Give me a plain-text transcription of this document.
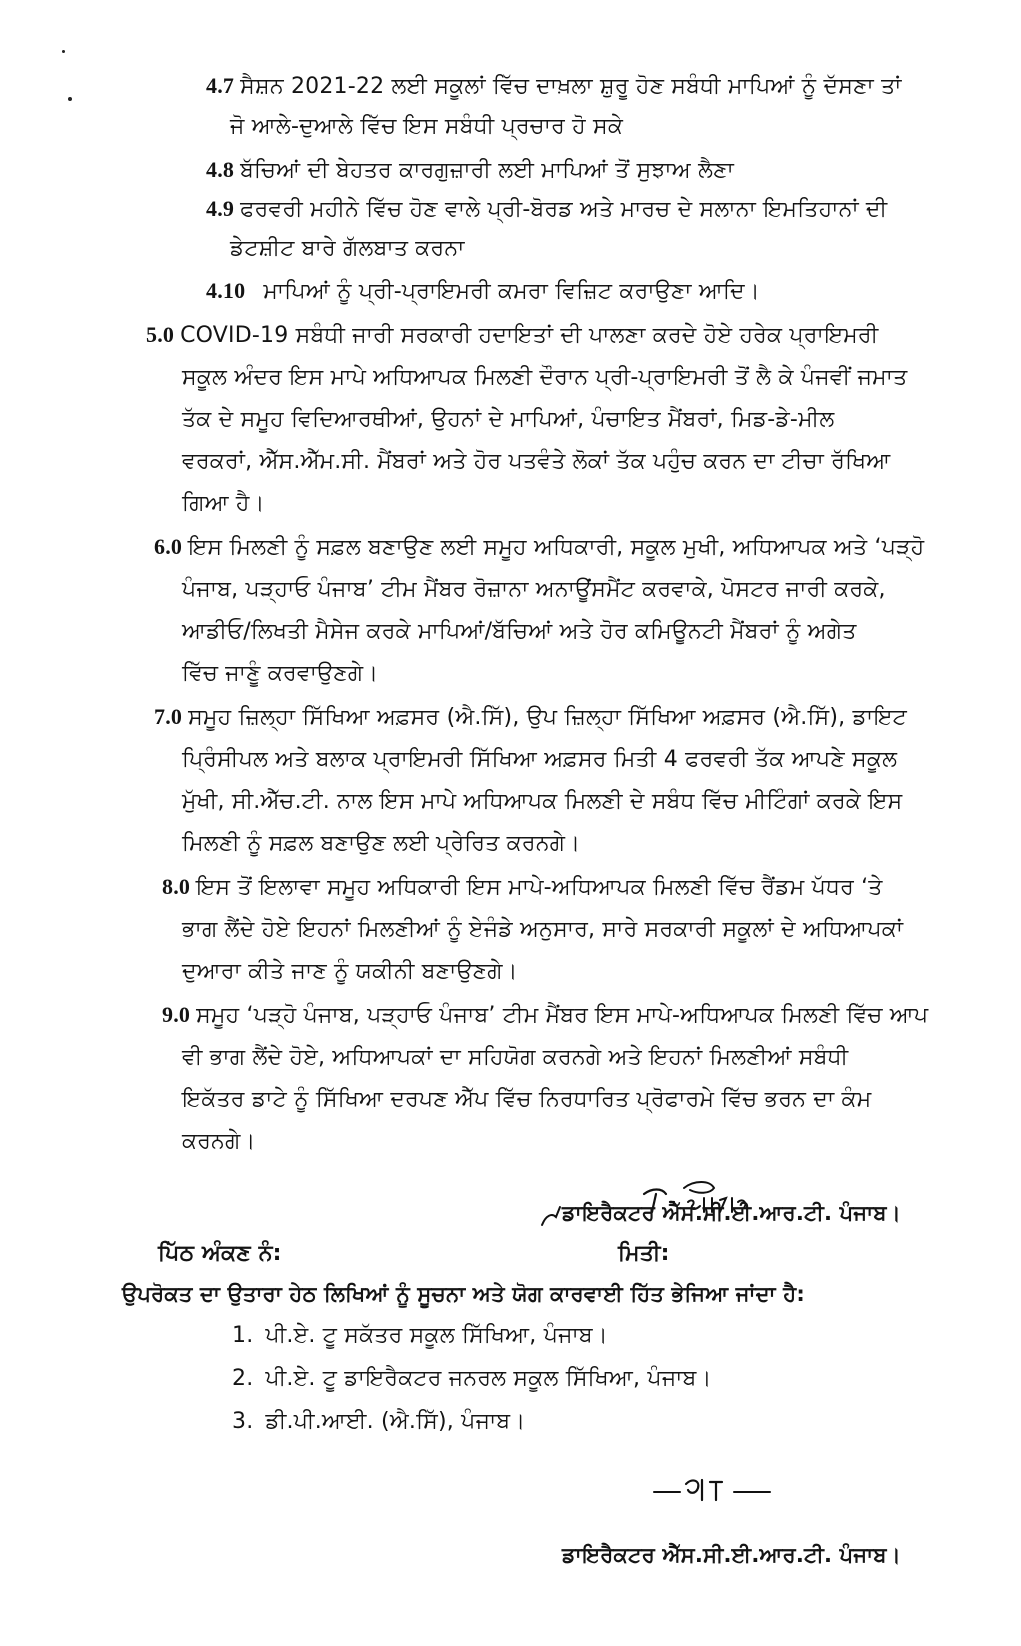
4.7 ਸੈਸ਼ਨ 2021-22 ਲਈ ਸਕੂਲਾਂ ਵਿੱਚ ਦਾਖ਼ਲਾ ਸ਼ੁਰੂ ਹੋਣ ਸਬੰਧੀ ਮਾਪਿਆਂ ਨੂੰ ਦੱਸਣਾ ਤਾਂ
ਜੋ ਆਲੇ-ਦੁਆਲੇ ਵਿੱਚ ਇਸ ਸਬੰਧੀ ਪ੍ਰਚਾਰ ਹੋ ਸਕੇ
4.8 ਬੱਚਿਆਂ ਦੀ ਬੇਹਤਰ ਕਾਰਗੁਜ਼ਾਰੀ ਲਈ ਮਾਪਿਆਂ ਤੋਂ ਸੁਝਾਅ ਲੈਣਾ
4.9 ਫਰਵਰੀ ਮਹੀਨੇ ਵਿੱਚ ਹੋਣ ਵਾਲੇ ਪ੍ਰੀ-ਬੋਰਡ ਅਤੇ ਮਾਰਚ ਦੇ ਸਲਾਨਾ ਇਮਤਿਹਾਨਾਂ ਦੀ
ਡੇਟਸ਼ੀਟ ਬਾਰੇ ਗੱਲਬਾਤ ਕਰਨਾ
4.10 ਮਾਪਿਆਂ ਨੂੰ ਪ੍ਰੀ-ਪ੍ਰਾਇਮਰੀ ਕਮਰਾ ਵਿਜ਼ਿਟ ਕਰਾਉਣਾ ਆਦਿ।
5.0 COVID-19 ਸਬੰਧੀ ਜਾਰੀ ਸਰਕਾਰੀ ਹਦਾਇਤਾਂ ਦੀ ਪਾਲਣਾ ਕਰਦੇ ਹੋਏ ਹਰੇਕ ਪ੍ਰਾਇਮਰੀ
ਸਕੂਲ ਅੰਦਰ ਇਸ ਮਾਪੇ ਅਧਿਆਪਕ ਮਿਲਣੀ ਦੌਰਾਨ ਪ੍ਰੀ-ਪ੍ਰਾਇਮਰੀ ਤੋਂ ਲੈ ਕੇ ਪੰਜਵੀਂ ਜਮਾਤ
ਤੱਕ ਦੇ ਸਮੂਹ ਵਿਦਿਆਰਥੀਆਂ, ਉਹਨਾਂ ਦੇ ਮਾਪਿਆਂ, ਪੰਚਾਇਤ ਮੈਂਬਰਾਂ, ਮਿਡ-ਡੇ-ਮੀਲ
ਵਰਕਰਾਂ, ਐੱਸ.ਐੱਮ.ਸੀ. ਮੈਂਬਰਾਂ ਅਤੇ ਹੋਰ ਪਤਵੰਤੇ ਲੋਕਾਂ ਤੱਕ ਪਹੁੰਚ ਕਰਨ ਦਾ ਟੀਚਾ ਰੱਖਿਆ
ਗਿਆ ਹੈ।
6.0 ਇਸ ਮਿਲਣੀ ਨੂੰ ਸਫ਼ਲ ਬਣਾਉਣ ਲਈ ਸਮੂਹ ਅਧਿਕਾਰੀ, ਸਕੂਲ ਮੁਖੀ, ਅਧਿਆਪਕ ਅਤੇ ‘ਪੜ੍ਹੋ
ਪੰਜਾਬ, ਪੜ੍ਹਾਓ ਪੰਜਾਬ’ ਟੀਮ ਮੈਂਬਰ ਰੋਜ਼ਾਨਾ ਅਨਾਊਂਸਮੈਂਟ ਕਰਵਾਕੇ, ਪੋਸਟਰ ਜਾਰੀ ਕਰਕੇ,
ਆਡੀਓ/ਲਿਖਤੀ ਮੈਸੇਜ ਕਰਕੇ ਮਾਪਿਆਂ/ਬੱਚਿਆਂ ਅਤੇ ਹੋਰ ਕਮਿਊਨਟੀ ਮੈਂਬਰਾਂ ਨੂੰ ਅਗੇਤ
ਵਿੱਚ ਜਾਣੂੰ ਕਰਵਾਉਣਗੇ।
7.0 ਸਮੂਹ ਜ਼ਿਲ੍ਹਾ ਸਿੱਖਿਆ ਅਫ਼ਸਰ (ਐ.ਸਿੱ), ਉਪ ਜ਼ਿਲ੍ਹਾ ਸਿੱਖਿਆ ਅਫ਼ਸਰ (ਐ.ਸਿੱ), ਡਾਇਟ
ਪ੍ਰਿੰਸੀਪਲ ਅਤੇ ਬਲਾਕ ਪ੍ਰਾਇਮਰੀ ਸਿੱਖਿਆ ਅਫ਼ਸਰ ਮਿਤੀ 4 ਫਰਵਰੀ ਤੱਕ ਆਪਣੇ ਸਕੂਲ
ਮੁੱਖੀ, ਸੀ.ਐੱਚ.ਟੀ. ਨਾਲ ਇਸ ਮਾਪੇ ਅਧਿਆਪਕ ਮਿਲਣੀ ਦੇ ਸਬੰਧ ਵਿੱਚ ਮੀਟਿੰਗਾਂ ਕਰਕੇ ਇਸ
ਮਿਲਣੀ ਨੂੰ ਸਫ਼ਲ ਬਣਾਉਣ ਲਈ ਪ੍ਰੇਰਿਤ ਕਰਨਗੇ।
8.0 ਇਸ ਤੋਂ ਇਲਾਵਾ ਸਮੂਹ ਅਧਿਕਾਰੀ ਇਸ ਮਾਪੇ-ਅਧਿਆਪਕ ਮਿਲਣੀ ਵਿੱਚ ਰੈਂਡਮ ਪੱਧਰ ‘ਤੇ
ਭਾਗ ਲੈਂਦੇ ਹੋਏ ਇਹਨਾਂ ਮਿਲਣੀਆਂ ਨੂੰ ਏਜੰਡੇ ਅਨੁਸਾਰ, ਸਾਰੇ ਸਰਕਾਰੀ ਸਕੂਲਾਂ ਦੇ ਅਧਿਆਪਕਾਂ
ਦੁਆਰਾ ਕੀਤੇ ਜਾਣ ਨੂੰ ਯਕੀਨੀ ਬਣਾਉਣਗੇ।
9.0 ਸਮੂਹ ‘ਪੜ੍ਹੋ ਪੰਜਾਬ, ਪੜ੍ਹਾਓ ਪੰਜਾਬ’ ਟੀਮ ਮੈਂਬਰ ਇਸ ਮਾਪੇ-ਅਧਿਆਪਕ ਮਿਲਣੀ ਵਿੱਚ ਆਪ
ਵੀ ਭਾਗ ਲੈਂਦੇ ਹੋਏ, ਅਧਿਆਪਕਾਂ ਦਾ ਸਹਿਯੋਗ ਕਰਨਗੇ ਅਤੇ ਇਹਨਾਂ ਮਿਲਣੀਆਂ ਸਬੰਧੀ
ਇਕੱਤਰ ਡਾਟੇ ਨੂੰ ਸਿੱਖਿਆ ਦਰਪਣ ਐੱਪ ਵਿੱਚ ਨਿਰਧਾਰਿਤ ਪ੍ਰੋਫਾਰਮੇ ਵਿੱਚ ਭਰਨ ਦਾ ਕੰਮ
ਕਰਨਗੇ।
ਡਾਇਰੈਕਟਰ ਐੱਸ.ਸੀ.ਈ.ਆਰ.ਟੀ. ਪੰਜਾਬ।
ਪਿੱਠ ਅੰਕਣ ਨੰ:	ਮਿਤੀ:
ਉਪਰੋਕਤ ਦਾ ਉਤਾਰਾ ਹੇਠ ਲਿਖਿਆਂ ਨੂੰ ਸੂਚਨਾ ਅਤੇ ਯੋਗ ਕਾਰਵਾਈ ਹਿੱਤ ਭੇਜਿਆ ਜਾਂਦਾ ਹੈ:
1. ਪੀ.ਏ. ਟੂ ਸਕੱਤਰ ਸਕੂਲ ਸਿੱਖਿਆ, ਪੰਜਾਬ।
2. ਪੀ.ਏ. ਟੂ ਡਾਇਰੈਕਟਰ ਜਨਰਲ ਸਕੂਲ ਸਿੱਖਿਆ, ਪੰਜਾਬ।
3. ਡੀ.ਪੀ.ਆਈ. (ਐ.ਸਿੱ), ਪੰਜਾਬ।
ਡਾਇਰੈਕਟਰ ਐੱਸ.ਸੀ.ਈ.ਆਰ.ਟੀ. ਪੰਜਾਬ।
